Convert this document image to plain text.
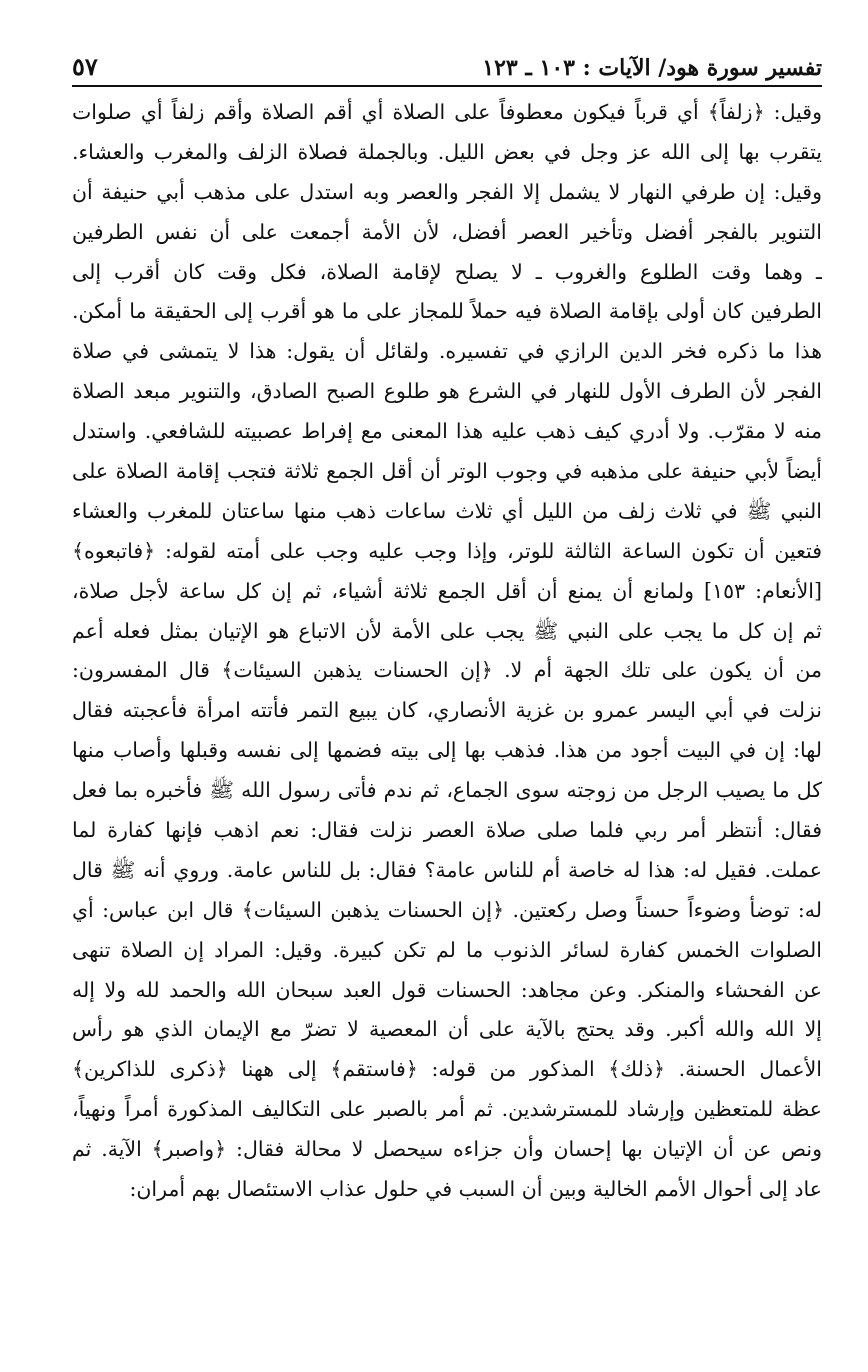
تفسير سورة هود/ الآيات : ١٠٣ ـ ١٢٣
٥٧
وقيل: ﴿زلفاً﴾ أي قرباً فيكون معطوفاً على الصلاة أي أقم الصلاة وأقم زلفاً أي صلوات
يتقرب بها إلى الله عز وجل في بعض الليل. وبالجملة فصلاة الزلف والمغرب والعشاء.
وقيل: إن طرفي النهار لا يشمل إلا الفجر والعصر وبه استدل على مذهب أبي حنيفة أن
التنوير بالفجر أفضل وتأخير العصر أفضل، لأن الأمة أجمعت على أن نفس الطرفين
ـ وهما وقت الطلوع والغروب ـ لا يصلح لإقامة الصلاة، فكل وقت كان أقرب إلى
الطرفين كان أولى بإقامة الصلاة فيه حملاً للمجاز على ما هو أقرب إلى الحقيقة ما أمكن.
هذا ما ذكره فخر الدين الرازي في تفسيره. ولقائل أن يقول: هذا لا يتمشى في صلاة
الفجر لأن الطرف الأول للنهار في الشرع هو طلوع الصبح الصادق، والتنوير مبعد الصلاة
منه لا مقرّب. ولا أدري كيف ذهب عليه هذا المعنى مع إفراط عصبيته للشافعي. واستدل
أيضاً لأبي حنيفة على مذهبه في وجوب الوتر أن أقل الجمع ثلاثة فتجب إقامة الصلاة على
النبي ﷺ في ثلاث زلف من الليل أي ثلاث ساعات ذهب منها ساعتان للمغرب والعشاء
فتعين أن تكون الساعة الثالثة للوتر، وإذا وجب عليه وجب على أمته لقوله: ﴿فاتبعوه﴾
[الأنعام: ١٥٣] ولمانع أن يمنع أن أقل الجمع ثلاثة أشياء، ثم إن كل ساعة لأجل صلاة،
ثم إن كل ما يجب على النبي ﷺ يجب على الأمة لأن الاتباع هو الإتيان بمثل فعله أعم
من أن يكون على تلك الجهة أم لا. ﴿إن الحسنات يذهبن السيئات﴾ قال المفسرون:
نزلت في أبي اليسر عمرو بن غزية الأنصاري، كان يبيع التمر فأتته امرأة فأعجبته فقال
لها: إن في البيت أجود من هذا. فذهب بها إلى بيته فضمها إلى نفسه وقبلها وأصاب منها
كل ما يصيب الرجل من زوجته سوى الجماع، ثم ندم فأتى رسول الله ﷺ فأخبره بما فعل
فقال: أنتظر أمر ربي فلما صلى صلاة العصر نزلت فقال: نعم اذهب فإنها كفارة لما
عملت. فقيل له: هذا له خاصة أم للناس عامة؟ فقال: بل للناس عامة. وروي أنه ﷺ قال
له: توضأ وضوءاً حسناً وصل ركعتين. ﴿إن الحسنات يذهبن السيئات﴾ قال ابن عباس: أي
الصلوات الخمس كفارة لسائر الذنوب ما لم تكن كبيرة. وقيل: المراد إن الصلاة تنهى
عن الفحشاء والمنكر. وعن مجاهد: الحسنات قول العبد سبحان الله والحمد لله ولا إله
إلا الله والله أكبر. وقد يحتج بالآية على أن المعصية لا تضرّ مع الإيمان الذي هو رأس
الأعمال الحسنة. ﴿ذلك﴾ المذكور من قوله: ﴿فاستقم﴾ إلى ههنا ﴿ذكرى للذاكرين﴾
عظة للمتعظين وإرشاد للمسترشدين. ثم أمر بالصبر على التكاليف المذكورة أمراً ونهياً،
ونص عن أن الإتيان بها إحسان وأن جزاءه سيحصل لا محالة فقال: ﴿واصبر﴾ الآية. ثم
عاد إلى أحوال الأمم الخالية وبين أن السبب في حلول عذاب الاستئصال بهم أمران:
